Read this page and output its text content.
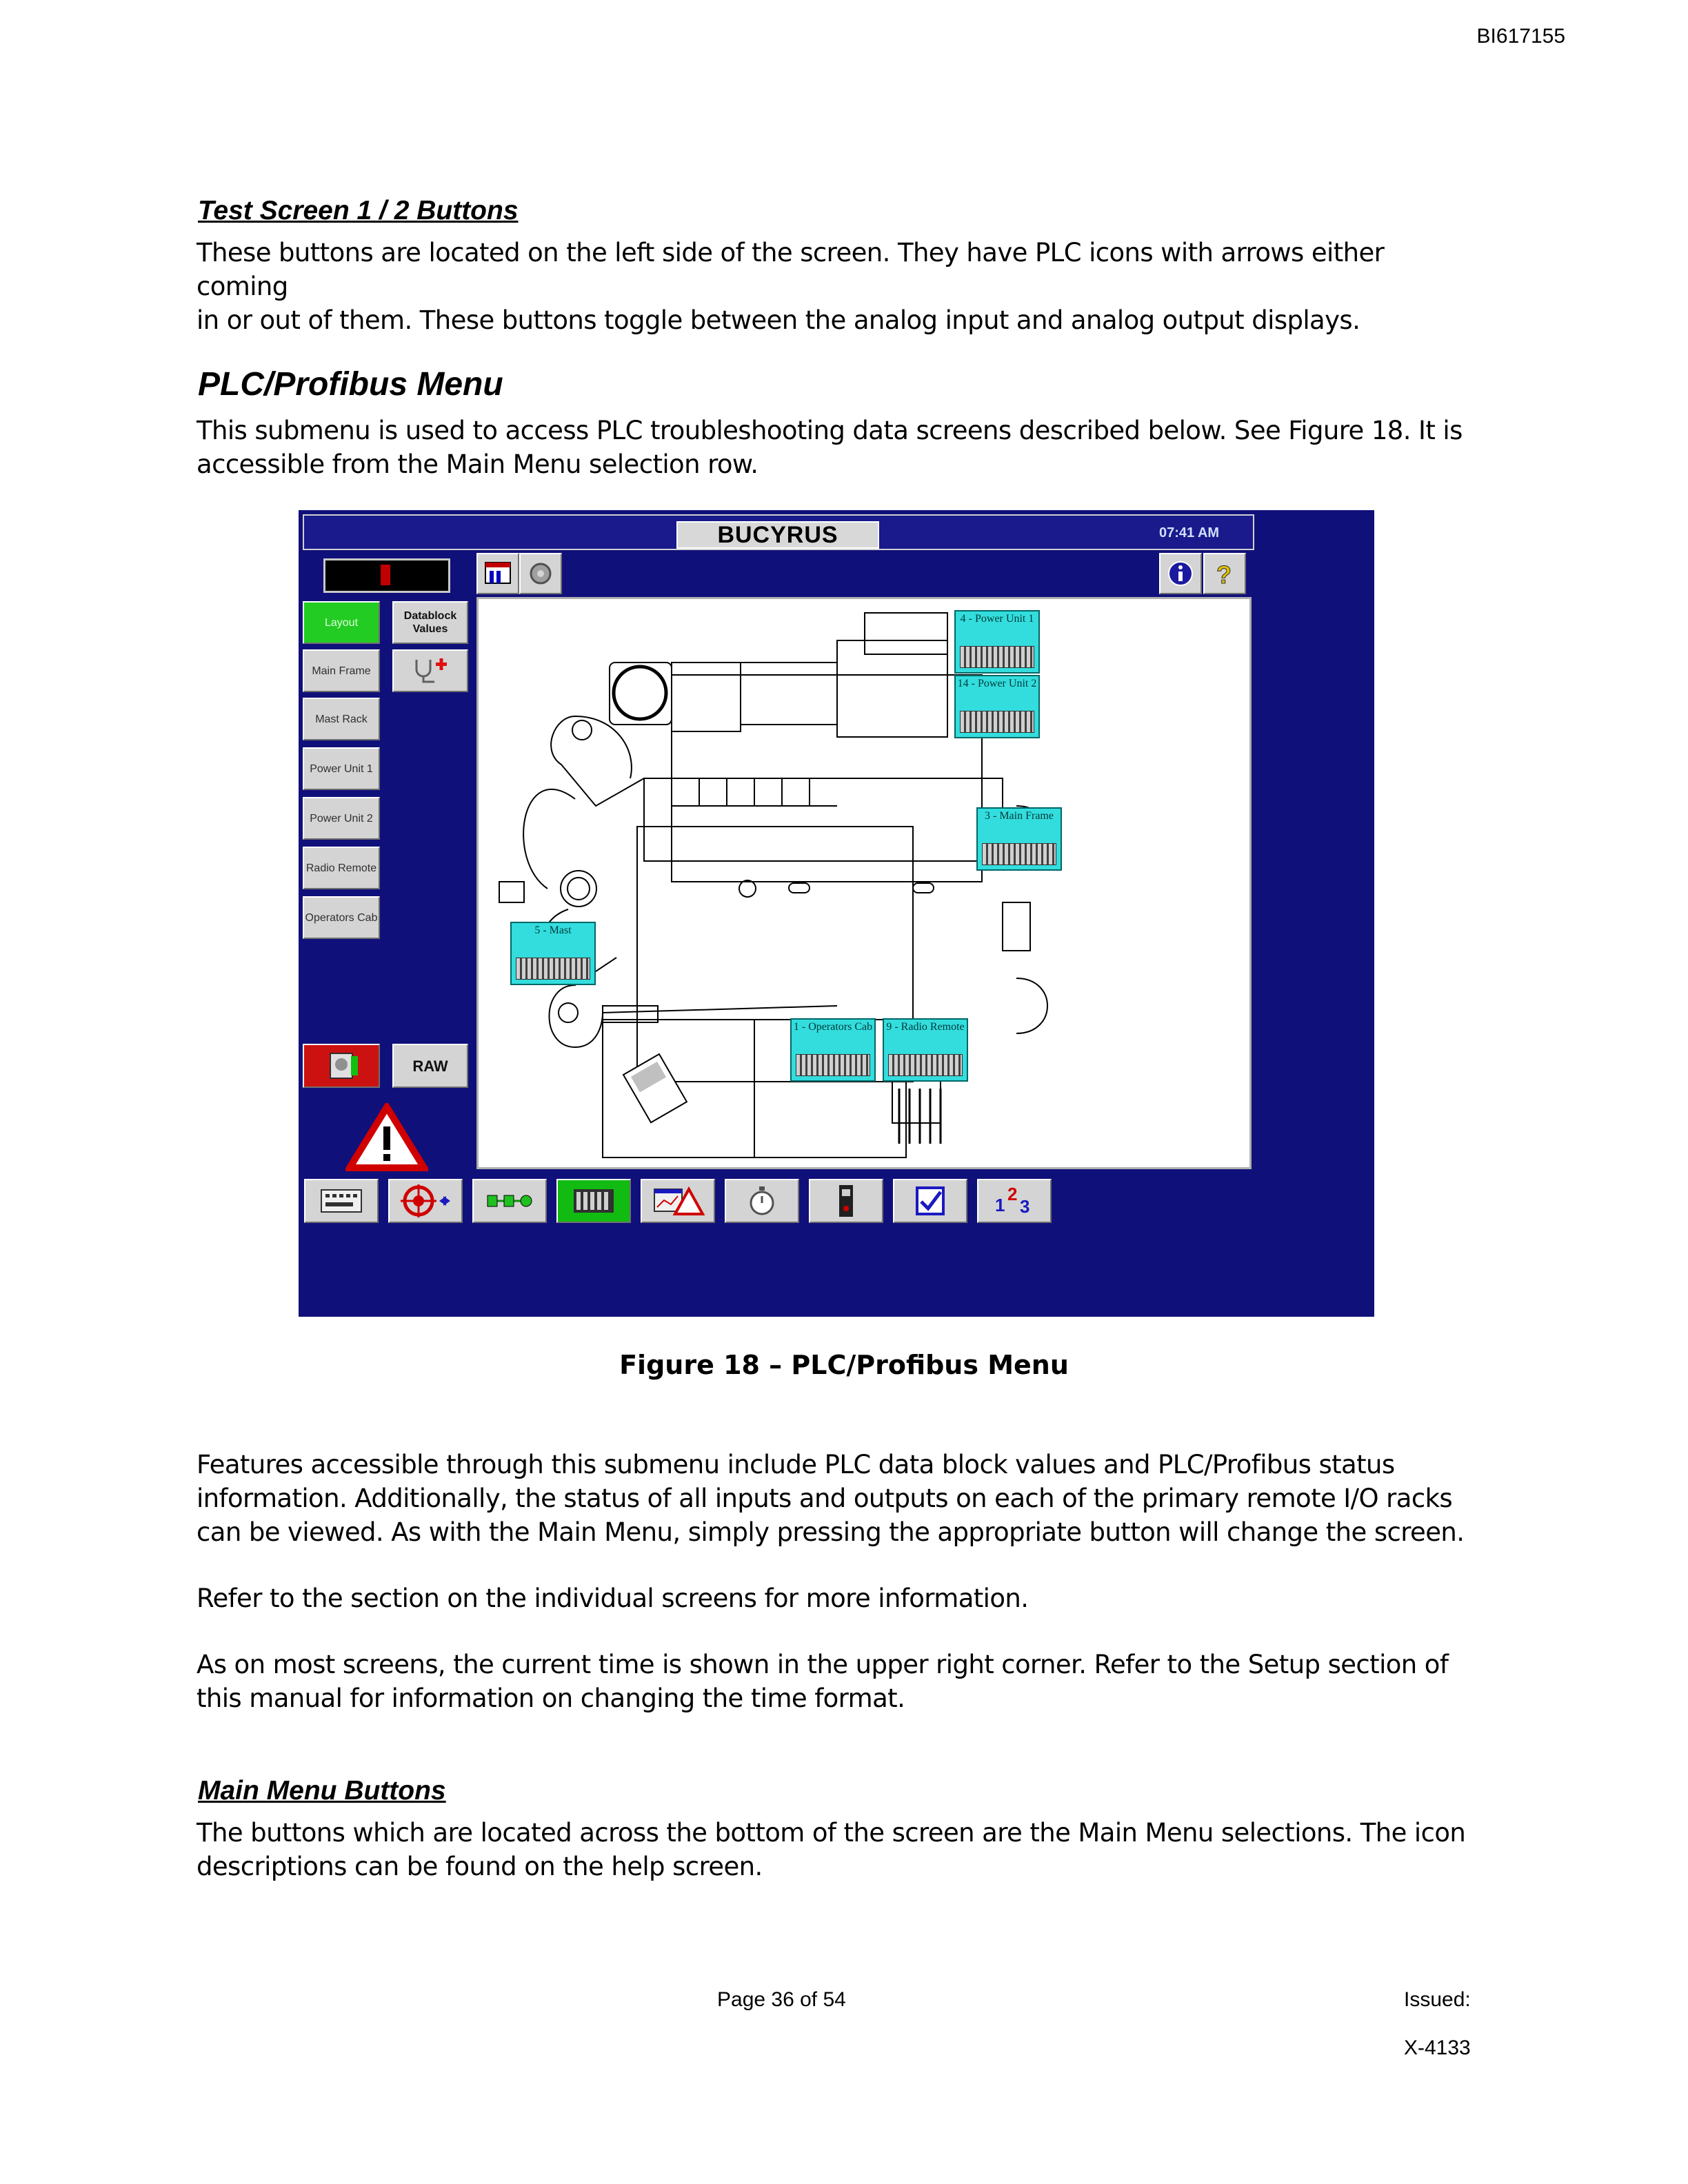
BI617155
Test Screen 1 / 2 Buttons
These buttons are located on the left side of the screen. They have PLC icons with arrows either coming
in or out of them. These buttons toggle between the analog input and analog output displays.
PLC/Profibus Menu
This submenu is used to access PLC troubleshooting data screens described below. See Figure 18. It is
accessible from the Main Menu selection row.
BUCYRUS	07:41 AM
?
Layout
Main Frame
Mast Rack
Power Unit 1
Power Unit 2
Radio Remote
Operators Cab
Datablock Values
RAW
4 - Power Unit 1
14 - Power Unit 2
3 - Main Frame
5 - Mast
1 - Operators Cab	9 - Radio Remote
1
2
3
Figure 18 – PLC/Profibus Menu

Features accessible through this submenu include PLC data block values and PLC/Profibus status
information. Additionally, the status of all inputs and outputs on each of the primary remote I/O racks
can be viewed. As with the Main Menu, simply pressing the appropriate button will change the screen.

Refer to the section on the individual screens for more information.

As on most screens, the current time is shown in the upper right corner. Refer to the Setup section of
this manual for information on changing the time format.

Main Menu Buttons
The buttons which are located across the bottom of the screen are the Main Menu selections. The icon
descriptions can be found on the help screen.
Page 36 of 54	Issued:
X-4133
